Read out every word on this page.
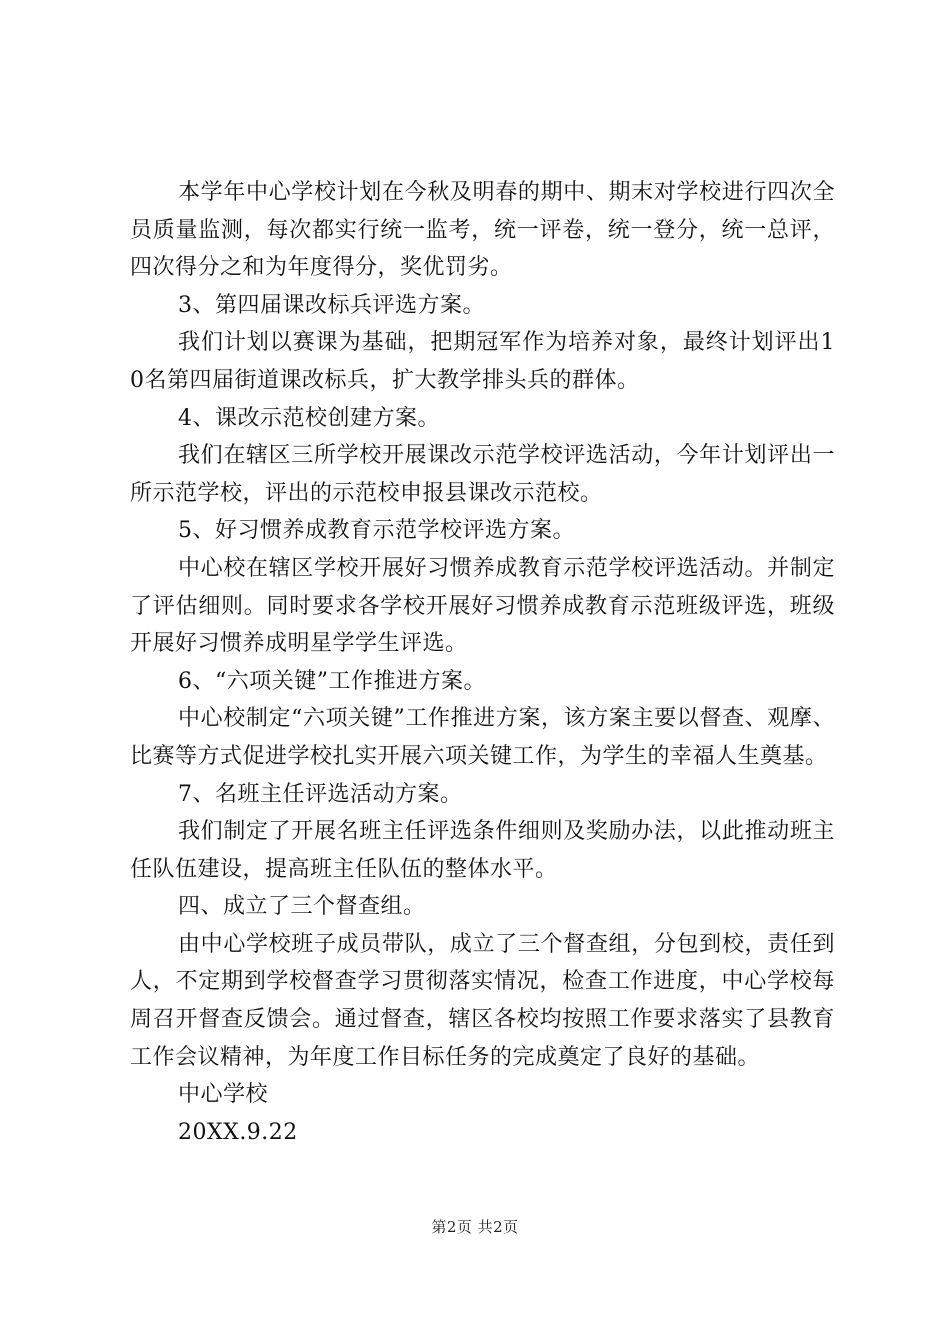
本学年中心学校计划在今秋及明春的期中、期末对学校进行四次全员质量监测，每次都实行统一监考，统一评卷，统一登分，统一总评，四次得分之和为年度得分，奖优罚劣。

3、第四届课改标兵评选方案。

我们计划以赛课为基础，把期冠军作为培养对象，最终计划评出10名第四届街道课改标兵，扩大教学排头兵的群体。

4、课改示范校创建方案。

我们在辖区三所学校开展课改示范学校评选活动，今年计划评出一所示范学校，评出的示范校申报县课改示范校。

5、好习惯养成教育示范学校评选方案。

中心校在辖区学校开展好习惯养成教育示范学校评选活动。并制定了评估细则。同时要求各学校开展好习惯养成教育示范班级评选，班级开展好习惯养成明星学学生评选。

6、“六项关键”工作推进方案。

中心校制定“六项关键”工作推进方案，该方案主要以督查、观摩、比赛等方式促进学校扎实开展六项关键工作，为学生的幸福人生奠基。

7、名班主任评选活动方案。

我们制定了开展名班主任评选条件细则及奖励办法，以此推动班主任队伍建设，提高班主任队伍的整体水平。

四、成立了三个督查组。

由中心学校班子成员带队，成立了三个督查组，分包到校，责任到人，不定期到学校督查学习贯彻落实情况，检查工作进度，中心学校每周召开督查反馈会。通过督查，辖区各校均按照工作要求落实了县教育工作会议精神，为年度工作目标任务的完成奠定了良好的基础。

中心学校

20XX.9.22

第2页 共2页
